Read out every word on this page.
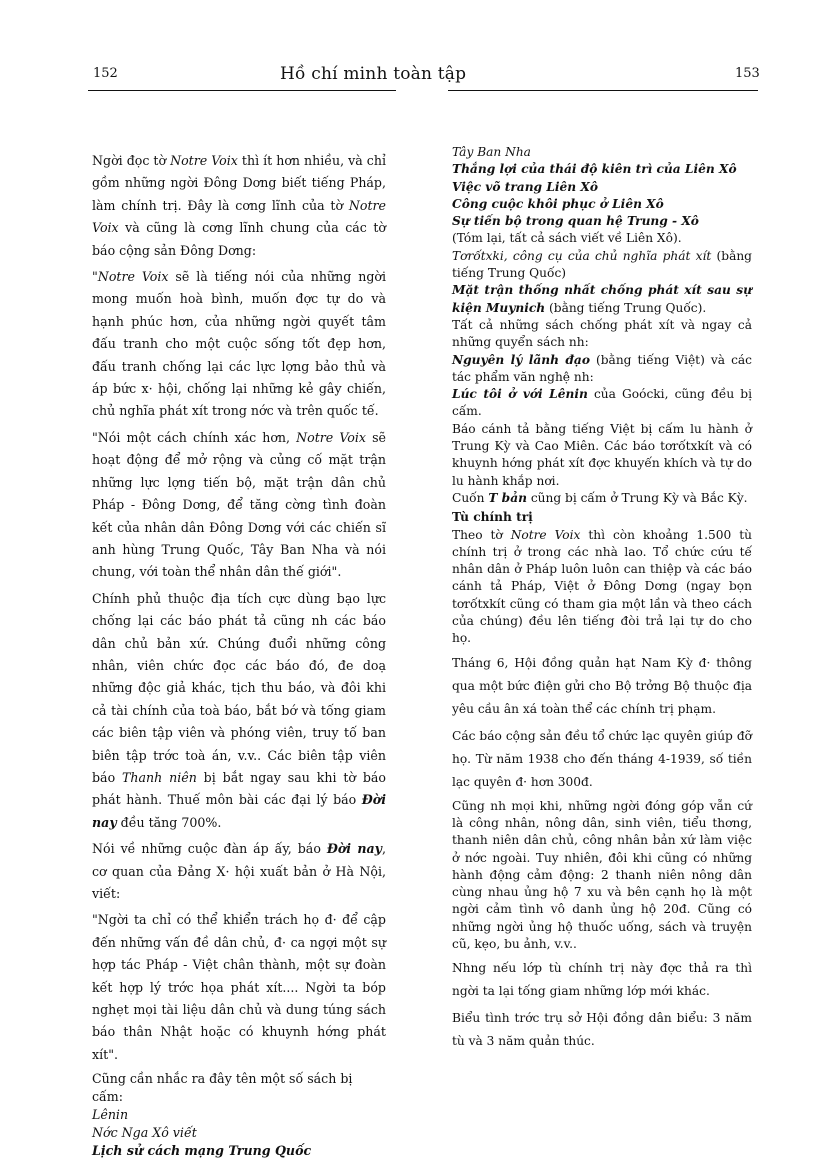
152	Hồ chí minh toàn tập	153

Ngời đọc tờ Notre Voix thì ít hơn nhiều, và chỉ gồm những ngời Đông Dơng biết tiếng Pháp, làm chính trị. Đây là cơng lĩnh của tờ Notre Voix và cũng là cơng lĩnh chung của các tờ báo cộng sản Đông Dơng:

"Notre Voix sẽ là tiếng nói của những ngời mong muốn hoà bình, muốn đợc tự do và hạnh phúc hơn, của những ngời quyết tâm đấu tranh cho một cuộc sống tốt đẹp hơn, đấu tranh chống lại các lực lợng bảo thủ và áp bức x· hội, chống lại những kẻ gây chiến, chủ nghĩa phát xít trong nớc và trên quốc tế.

"Nói một cách chính xác hơn, Notre Voix sẽ hoạt động để mở rộng và củng cố mặt trận những lực lợng tiến bộ, mặt trận dân chủ Pháp - Đông Dơng, để tăng cờng tình đoàn kết của nhân dân Đông Dơng với các chiến sĩ anh hùng Trung Quốc, Tây Ban Nha và nói chung, với toàn thể nhân dân thế giới".

Chính phủ thuộc địa tích cực dùng bạo lực chống lại các báo phát tả cũng nh các báo dân chủ bản xứ. Chúng đuổi những công nhân, viên chức đọc các báo đó, đe doạ những độc giả khác, tịch thu báo, và đôi khi cả tài chính của toà báo, bắt bớ và tống giam các biên tập viên và phóng viên, truy tố ban biên tập trớc toà án, v.v.. Các biên tập viên báo Thanh niên bị bắt ngay sau khi tờ báo phát hành. Thuế môn bài các đại lý báo Đời nay đều tăng 700%.

Nói về những cuộc đàn áp ấy, báo Đời nay, cơ quan của Đảng X· hội xuất bản ở Hà Nội, viết:

"Ngời ta chỉ có thể khiển trách họ đ· để cập đến những vấn đề dân chủ, đ· ca ngợi một sự hợp tác Pháp - Việt chân thành, một sự đoàn kết hợp lý trớc họa phát xít.... Ngời ta bóp nghẹt mọi tài liệu dân chủ và dung túng sách báo thân Nhật hoặc có khuynh hớng phát xít".

Cũng cần nhắc ra đây tên một số sách bị cấm:

Lênin
Nớc Nga Xô viết
Lịch sử cách mạng Trung Quốc
Tây Ban Nha
Thắng lợi của thái độ kiên trì của Liên Xô
Việc võ trang Liên Xô
Công cuộc khôi phục ở Liên Xô
Sự tiến bộ trong quan hệ Trung - Xô
(Tóm lại, tất cả sách viết về Liên Xô).
Tơrốtxki, công cụ của chủ nghĩa phát xít (bằng tiếng Trung Quốc)
Mặt trận thống nhất chống phát xít sau sự kiện Muynich (bằng tiếng Trung Quốc).
Tất cả những sách chống phát xít và ngay cả những quyển sách nh:
Nguyên lý lãnh đạo (bằng tiếng Việt) và các tác phẩm văn nghệ nh:
Lúc tôi ở với Lênin của Goócki, cũng đều bị cấm.
Báo cánh tả bằng tiếng Việt bị cấm lu hành ở Trung Kỳ và Cao Miên. Các báo tơrốtxkít và có khuynh hớng phát xít đợc khuyến khích và tự do lu hành khắp nơi.
Cuốn T bản cũng bị cấm ở Trung Kỳ và Bắc Kỳ.
Tù chính trị
Theo tờ Notre Voix thì còn khoảng 1.500 tù chính trị ở trong các nhà lao. Tổ chức cứu tế nhân dân ở Pháp luôn luôn can thiệp và các báo cánh tả Pháp, Việt ở Đông Dơng (ngay bọn tơrốtxkít cũng có tham gia một lần và theo cách của chúng) đều lên tiếng đòi trả lại tự do cho họ.
Tháng 6, Hội đồng quản hạt Nam Kỳ đ· thông qua một bức điện gửi cho Bộ trởng Bộ thuộc địa yêu cầu ân xá toàn thể các chính trị phạm.
Các báo cộng sản đều tổ chức lạc quyên giúp đỡ họ. Từ năm 1938 cho đến tháng 4-1939, số tiền lạc quyên đ· hơn 300đ.
Cũng nh mọi khi, những ngời đóng góp vẫn cứ là công nhân, nông dân, sinh viên, tiểu thơng, thanh niên dân chủ, công nhân bản xứ làm việc ở nớc ngoài. Tuy nhiên, đôi khi cũng có những hành động cảm động: 2 thanh niên nông dân cùng nhau ủng hộ 7 xu và bên cạnh họ là một ngời cảm tình vô danh ủng hộ 20đ. Cũng có những ngời ủng hộ thuốc uống, sách và truyện cũ, kẹo, bu ảnh, v.v..
Nhng nếu lớp tù chính trị này đợc thả ra thì ngời ta lại tống giam những lớp mới khác.
Biểu tình trớc trụ sở Hội đồng dân biểu: 3 năm tù và 3 năm quản thúc.
